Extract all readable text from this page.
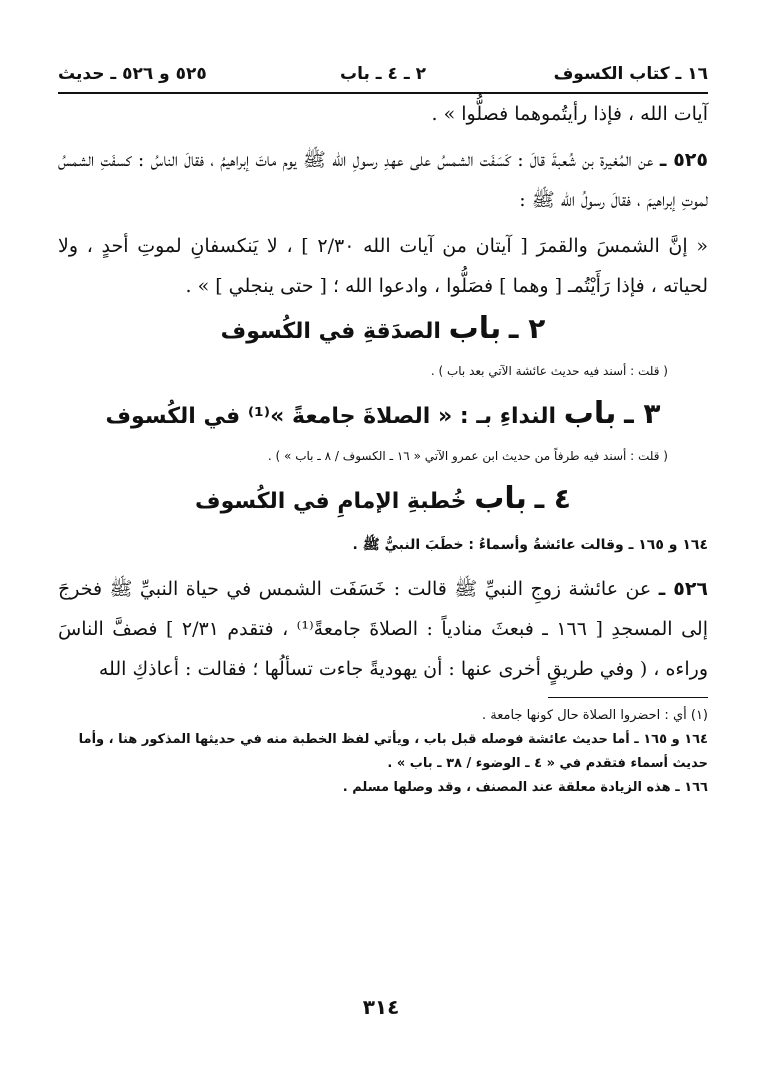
١٦ ـ كتاب الكسوف
٢ ـ ٤ ـ باب
٥٢٥ و ٥٢٦ ـ حديث

آيات الله ، فإذا رأيتُموهما فصلُّوا » .

٥٢٥ ـ عن المُغيرة بن شُعبةَ قالَ : كَسَفَت الشمسُ على عهدِ رسولِ الله ﷺ يوم ماتَ إبراهيمُ ، فقالَ الناسُ : كسفَتِ الشمسُ لموتِ إبراهيمَ ، فقالَ رسولُ الله ﷺ :

« إنَّ الشمسَ والقمرَ [ آيتان من آيات الله ٢/٣٠ ] ، لا يَنكسفانِ لموتِ أحدٍ ، ولا لحياته ، فإذا رَأَيْتُمـ [ وهما ] فصَلُّوا ، وادعوا الله ؛ [ حتى ينجلي ] » .

٢ ـ باب الصدَقةِ في الكُسوف

( قلت : أسند فيه حديث عائشة الآتي بعد باب ) .

٣ ـ باب النداءِ بـ : « الصلاةَ جامعةً »⁽¹⁾ في الكُسوف

( قلت : أسند فيه طرفاً من حديث ابن عمرو الآتي « ١٦ ـ الكسوف / ٨ ـ باب » ) .

٤ ـ باب خُطبةِ الإمامِ في الكُسوف

١٦٤ و ١٦٥ ـ وقالت عائشةُ وأسماءُ : خطَبَ النبيُّ ﷺ .

٥٢٦ ـ عن عائشة زوجِ النبيِّ ﷺ قالت : خَسَفَت الشمس في حياة النبيِّ ﷺ فخرجَ إلى المسجدِ [ ١٦٦ ـ فبعثَ منادياً : الصلاةَ جامعةً⁽¹⁾ ، فتقدم ٢/٣١ ] فصفَّ الناسَ وراءه ، ( وفي طريقٍ أخرى عنها : أن يهوديةً جاءت تسألُها ؛ فقالت : أعاذكِ الله

(١) أي : احضروا الصلاة حال كونها جامعة .

١٦٤ و ١٦٥ ـ أما حديث عائشة فوصله قبل باب ، ويأتي لفظ الخطبة منه في حديثها المذكور هنا ، وأما حديث أسماء فتقدم في « ٤ ـ الوضوء / ٣٨ ـ باب » .

١٦٦ ـ هذه الزيادة معلقة عند المصنف ، وقد وصلها مسلم .

٣١٤
